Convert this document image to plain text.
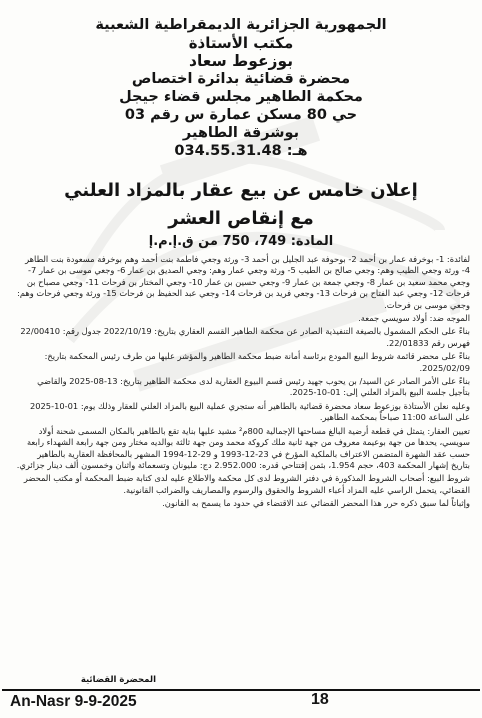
الجمهورية الجزائرية الديمقراطية الشعبية
مكتب الأستاذة
بوزعوط سعاد
محضرة قضائية بدائرة اختصاص
محكمة الطاهير مجلس قضاء جيجل
حي 80 مسكن عمارة س رقم 03
بوشرقة الطاهير
هـ: 034.55.31.48
إعلان خامس عن بيع عقار بالمزاد العلني
مع إنقاص العشر
المادة: 749، 750 من ق.إ.م.إ

لفائدة: 1- بوخرفة عمار بن أحمد 2- بوحوفة عبد الجليل بن أحمد 3- ورثة وجعي فاطمة بنت أحمد وهم بوخرفة مسعودة بنت الطاهر 4- ورثة وجعي الطيب وهم: وجعي صالح بن الطيب 5- ورثة وجعي عمار وهم: وجعي الصديق بن عمار 6- وجعي موسى بن عمار 7- وجعي محمد سعيد بن عمار 8- وجعي جمعة بن عمار 9- وجعي حسين بن عمار 10- وجعي المختار بن فرحات 11- وجعي مصباح بن فرحات 12- وجعي عبد الفتاح بن فرحات 13- وجعي فريد بن فرحات 14- وجعي عبد الحفيظ بن فرحات 15- ورثة وجعي فرحات وهم: وجعي موسى بن فرحات.

الموجه ضد: أولاد سويسي جمعة.

بناءً على الحكم المشمول بالصيغة التنفيذية الصادر عن محكمة الطاهير القسم العقاري بتاريخ: 2022/10/19 جدول رقم: 22/00410 فهرس رقم 22/01833.

بناءً على محضر قائمة شروط البيع المودع برئاسة أمانة ضبط محكمة الطاهير والمؤشر عليها من طرف رئيس المحكمة بتاريخ: 2025/02/09.

بناءً على الأمر الصادر عن السيد/ بن يحوب جهيد رئيس قسم البيوع العقارية لدى محكمة الطاهير بتاريخ: 13-08-2025 والقاضي بتأجيل جلسة البيع بالمزاد العلني إلى: 01-10-2025.

وعليه نعلن الأستاذة بوزعوط سعاد محضرة قضائية بالطاهير أنه ستجري عملية البيع بالمزاد العلني للعقار وذلك يوم: 01-10-2025 على الساعة 11:00 صباحاً بمحكمة الطاهير.

تعيين العقار: يتمثل في قطعة أرضية البالغ مساحتها الإجمالية 800م² مشيد عليها بناية تقع بالطاهير بالمكان المسمى شحنة أولاد سويسي، يحدها من جهة بوعيمة معروف من جهة ثانية ملك كروكة محمد ومن جهة ثالثة بوالديه مختار ومن جهة رابعة الشهداء رابعة حسب عقد الشهرة المتضمن الاعتراف بالملكية المؤرخ في 23-12-1993 و 29-12-1994 المشهر بالمحافظة العقارية بالطاهير بتاريخ إشهار المحكمة 403، حجم 1.954، بثمن إفتتاحي قدره: 2.952.000 دج: مليونان وتسعمائة واثنان وخمسون ألف دينار جزائري.

شروط البيع: أصحاب الشروط المذكورة في دفتر الشروط لدى كل محكمة والاطلاع عليه لدى كتابة ضبط المحكمة أو مكتب المحضر القضائي، يتحمل الراسي عليه المزاد أعباء الشروط والحقوق والرسوم والمصاريف والضرائب القانونية.

وإثباتاً لما سبق ذكره حرر هذا المحضر القضائي عند الاقتضاء في حدود ما يسمح به القانون.

المحضرة القضائية
An-Nasr 9-9-2025	18
